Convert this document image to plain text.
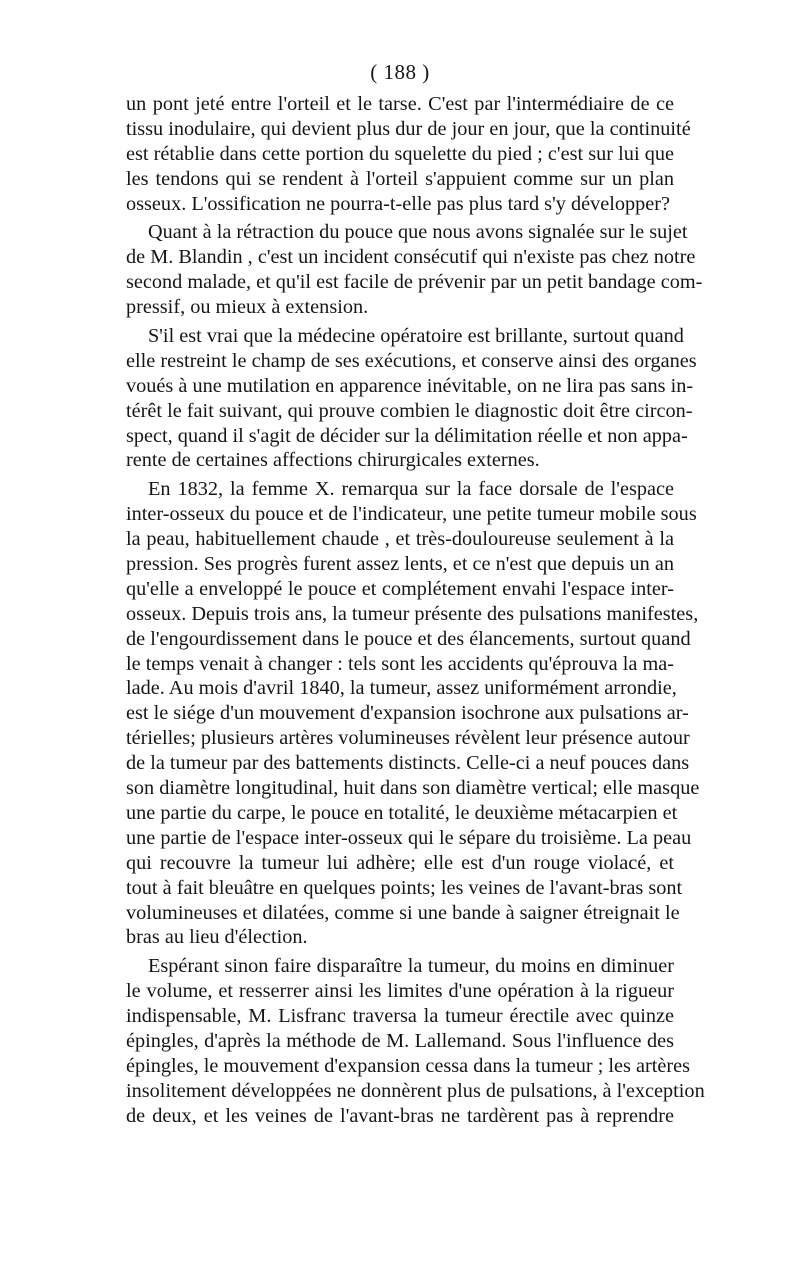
( 188 )
un pont jeté entre l'orteil et le tarse. C'est par l'intermédiaire de ce
tissu inodulaire, qui devient plus dur de jour en jour, que la continuité
est rétablie dans cette portion du squelette du pied ; c'est sur lui que
les tendons qui se rendent à l'orteil s'appuient comme sur un plan
osseux. L'ossification ne pourra-t-elle pas plus tard s'y développer?
Quant à la rétraction du pouce que nous avons signalée sur le sujet
de M. Blandin , c'est un incident consécutif qui n'existe pas chez notre
second malade, et qu'il est facile de prévenir par un petit bandage com-
pressif, ou mieux à extension.
S'il est vrai que la médecine opératoire est brillante, surtout quand
elle restreint le champ de ses exécutions, et conserve ainsi des organes
voués à une mutilation en apparence inévitable, on ne lira pas sans in-
térêt le fait suivant, qui prouve combien le diagnostic doit être circon-
spect, quand il s'agit de décider sur la délimitation réelle et non appa-
rente de certaines affections chirurgicales externes.
En 1832, la femme X. remarqua sur la face dorsale de l'espace
inter-osseux du pouce et de l'indicateur, une petite tumeur mobile sous
la peau, habituellement chaude , et très-douloureuse seulement à la
pression. Ses progrès furent assez lents, et ce n'est que depuis un an
qu'elle a enveloppé le pouce et complétement envahi l'espace inter-
osseux. Depuis trois ans, la tumeur présente des pulsations manifestes,
de l'engourdissement dans le pouce et des élancements, surtout quand
le temps venait à changer : tels sont les accidents qu'éprouva la ma-
lade. Au mois d'avril 1840, la tumeur, assez uniformément arrondie,
est le siége d'un mouvement d'expansion isochrone aux pulsations ar-
térielles; plusieurs artères volumineuses révèlent leur présence autour
de la tumeur par des battements distincts. Celle-ci a neuf pouces dans
son diamètre longitudinal, huit dans son diamètre vertical; elle masque
une partie du carpe, le pouce en totalité, le deuxième métacarpien et
une partie de l'espace inter-osseux qui le sépare du troisième. La peau
qui recouvre la tumeur lui adhère; elle est d'un rouge violacé, et
tout à fait bleuâtre en quelques points; les veines de l'avant-bras sont
volumineuses et dilatées, comme si une bande à saigner étreignait le
bras au lieu d'élection.
Espérant sinon faire disparaître la tumeur, du moins en diminuer
le volume, et resserrer ainsi les limites d'une opération à la rigueur
indispensable, M. Lisfranc traversa la tumeur érectile avec quinze
épingles, d'après la méthode de M. Lallemand. Sous l'influence des
épingles, le mouvement d'expansion cessa dans la tumeur ; les artères
insolitement développées ne donnèrent plus de pulsations, à l'exception
de deux, et les veines de l'avant-bras ne tardèrent pas à reprendre
